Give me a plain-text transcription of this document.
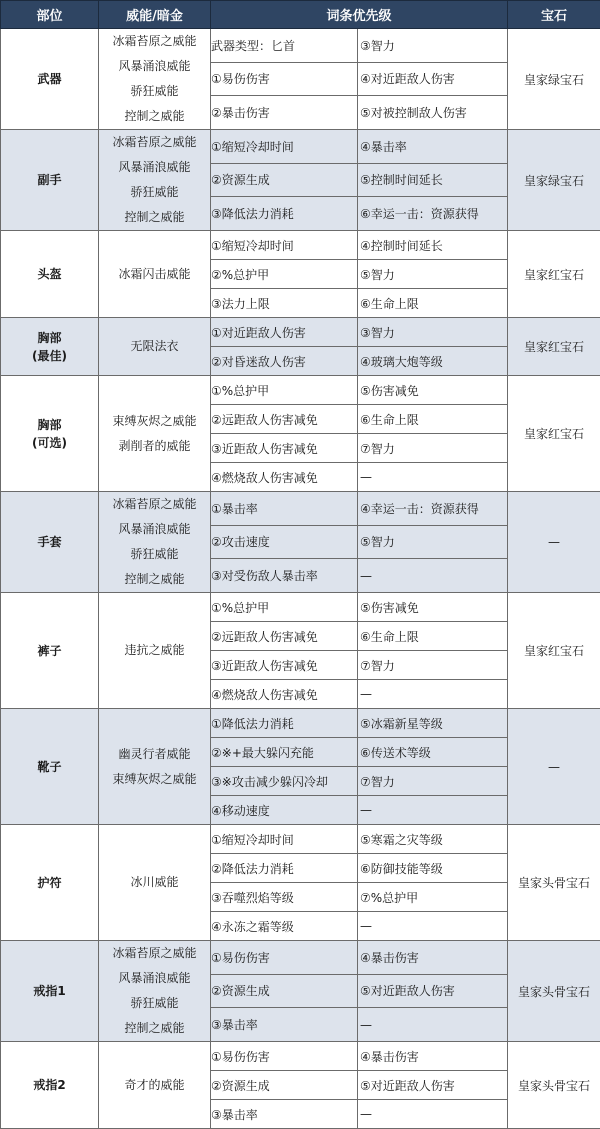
部位	威能/暗金	词条优先级		宝石

武器	冰霜苔原之威能
风暴涌浪威能
骄狂威能
控制之威能	武器类型：匕首	③智力	皇家绿宝石
		①易伤伤害	④对近距敌人伤害	
		②暴击伤害	⑤对被控制敌人伤害	

副手	冰霜苔原之威能
风暴涌浪威能
骄狂威能
控制之威能	①缩短冷却时间	④暴击率	皇家绿宝石
		②资源生成	⑤控制时间延长	
		③降低法力消耗	⑥幸运一击：资源获得	

头盔	冰霜闪击威能	①缩短冷却时间	④控制时间延长	皇家红宝石
		②%总护甲	⑤智力	
		③法力上限	⑥生命上限	

胸部
(最佳)	无限法衣	①对近距敌人伤害	③智力	皇家红宝石
		②对昏迷敌人伤害	④玻璃大炮等级	

胸部
(可选)	束缚灰烬之威能
剥削者的威能	①%总护甲	⑤伤害减免	皇家红宝石
		②远距敌人伤害减免	⑥生命上限	
		③近距敌人伤害减免	⑦智力	
		④燃烧敌人伤害减免	—	

手套	冰霜苔原之威能
风暴涌浪威能
骄狂威能
控制之威能	①暴击率	④幸运一击：资源获得	—
		②攻击速度	⑤智力	
		③对受伤敌人暴击率	—	

裤子	违抗之威能	①%总护甲	⑤伤害减免	皇家红宝石
		②远距敌人伤害减免	⑥生命上限	
		③近距敌人伤害减免	⑦智力	
		④燃烧敌人伤害减免	—	

靴子	幽灵行者威能
束缚灰烬之威能	①降低法力消耗	⑤冰霜新星等级	—
		②※+最大躲闪充能	⑥传送术等级	
		③※攻击减少躲闪冷却	⑦智力	
		④移动速度	—	

护符	冰川威能	①缩短冷却时间	⑤寒霜之灾等级	皇家头骨宝石
		②降低法力消耗	⑥防御技能等级	
		③吞噬烈焰等级	⑦%总护甲	
		④永冻之霜等级	—	

戒指1	冰霜苔原之威能
风暴涌浪威能
骄狂威能
控制之威能	①易伤伤害	④暴击伤害	皇家头骨宝石
		②资源生成	⑤对近距敌人伤害	
		③暴击率	—	

戒指2	奇才的威能	①易伤伤害	④暴击伤害	皇家头骨宝石
		②资源生成	⑤对近距敌人伤害	
		③暴击率	—	
